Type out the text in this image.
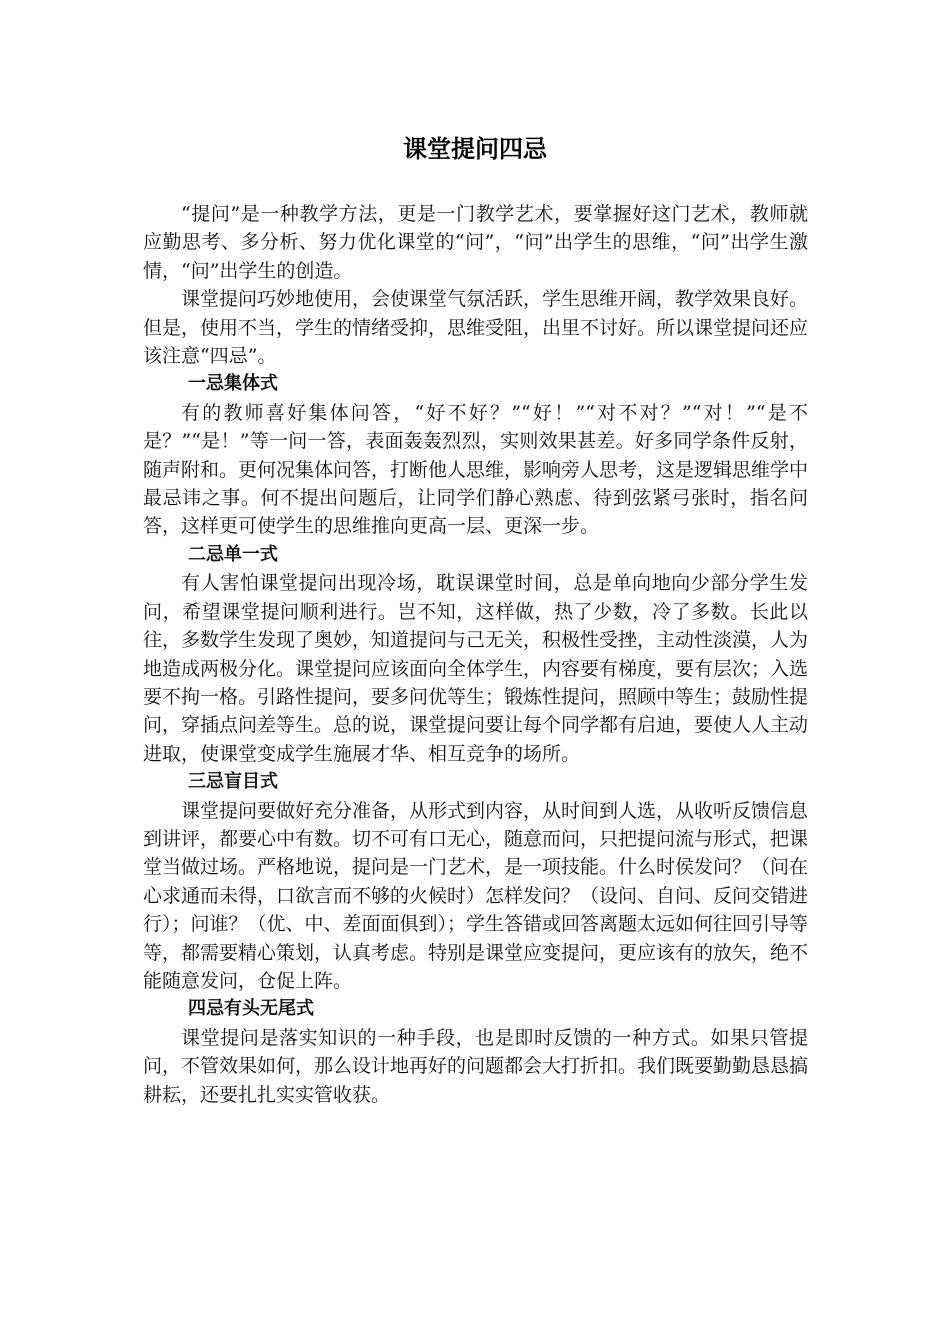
课堂提问四忌

“提问”是一种教学方法，更是一门教学艺术，要掌握好这门艺术，教师就应勤思考、多分析、努力优化课堂的“问”，“问”出学生的思维，“问”出学生激情，“问”出学生的创造。

课堂提问巧妙地使用，会使课堂气氛活跃，学生思维开阔，教学效果良好。但是，使用不当，学生的情绪受抑，思维受阻，出里不讨好。所以课堂提问还应该注意“四忌”。

一忌集体式

有的教师喜好集体问答，“好不好？”“好！”“对不对？”“对！”“是不是？”“是！”等一问一答，表面轰轰烈烈，实则效果甚差。好多同学条件反射，随声附和。更何况集体问答，打断他人思维，影响旁人思考，这是逻辑思维学中最忌讳之事。何不提出问题后，让同学们静心熟虑、待到弦紧弓张时，指名问答，这样更可使学生的思维推向更高一层、更深一步。

二忌单一式

有人害怕课堂提问出现冷场，耽误课堂时间，总是单向地向少部分学生发问，希望课堂提问顺利进行。岂不知，这样做，热了少数，冷了多数。长此以往，多数学生发现了奥妙，知道提问与己无关，积极性受挫，主动性淡漠，人为地造成两极分化。课堂提问应该面向全体学生，内容要有梯度，要有层次；入选要不拘一格。引路性提问，要多问优等生；锻炼性提问，照顾中等生；鼓励性提问，穿插点问差等生。总的说，课堂提问要让每个同学都有启迪，要使人人主动进取，使课堂变成学生施展才华、相互竞争的场所。

三忌盲目式

课堂提问要做好充分准备，从形式到内容，从时间到人选，从收听反馈信息到讲评，都要心中有数。切不可有口无心，随意而问，只把提问流与形式，把课堂当做过场。严格地说，提问是一门艺术，是一项技能。什么时侯发问？（问在心求通而未得，口欲言而不够的火候时）怎样发问？（设问、自问、反问交错进行）；问谁？（优、中、差面面俱到）；学生答错或回答离题太远如何往回引导等等，都需要精心策划，认真考虑。特别是课堂应变提问，更应该有的放矢，绝不能随意发问，仓促上阵。

四忌有头无尾式

课堂提问是落实知识的一种手段，也是即时反馈的一种方式。如果只管提问，不管效果如何，那么设计地再好的问题都会大打折扣。我们既要勤勤恳恳搞耕耘，还要扎扎实实管收获。
